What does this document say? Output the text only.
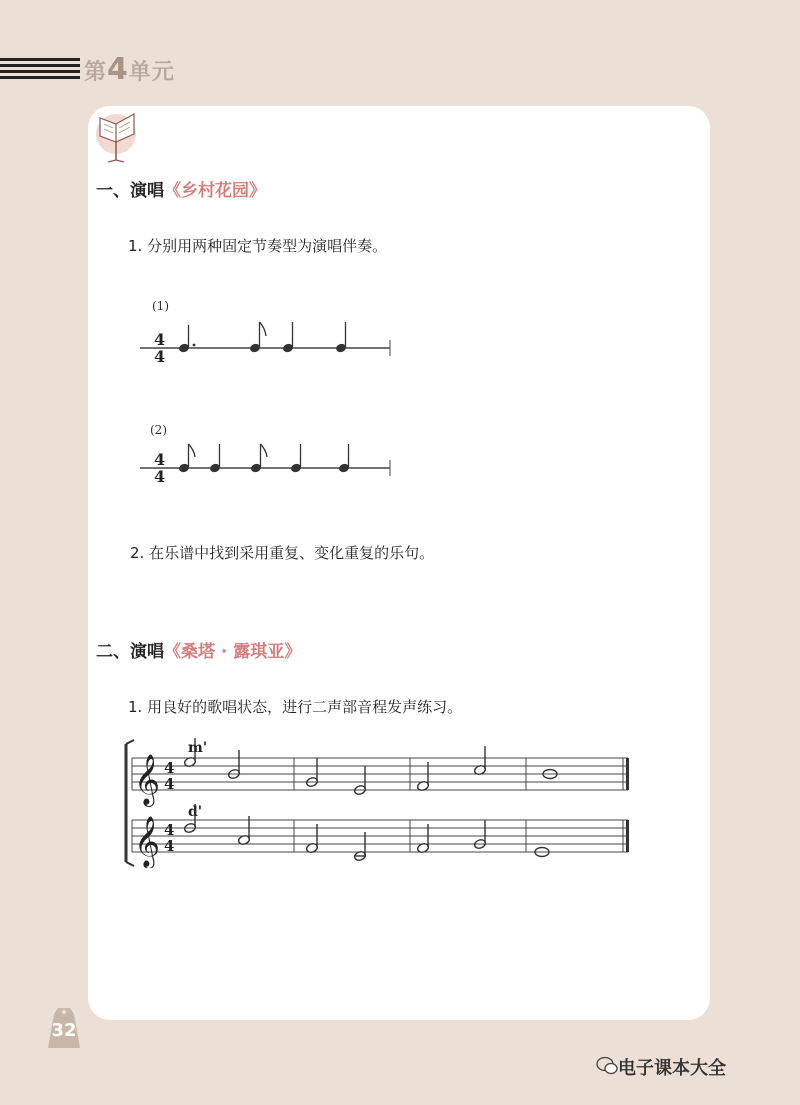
第4单元
一、演唱《乡村花园》
1. 分别用两种固定节奏型为演唱伴奏。
(1)
4
4
(2)
4
4
2. 在乐谱中找到采用重复、变化重复的乐句。
二、演唱《桑塔 · 露琪亚》
1. 用良好的歌唱状态，进行二声部音程发声练习。
m'
d'
𝄞
𝄞
4
4
4
4
32
电子课本大全
